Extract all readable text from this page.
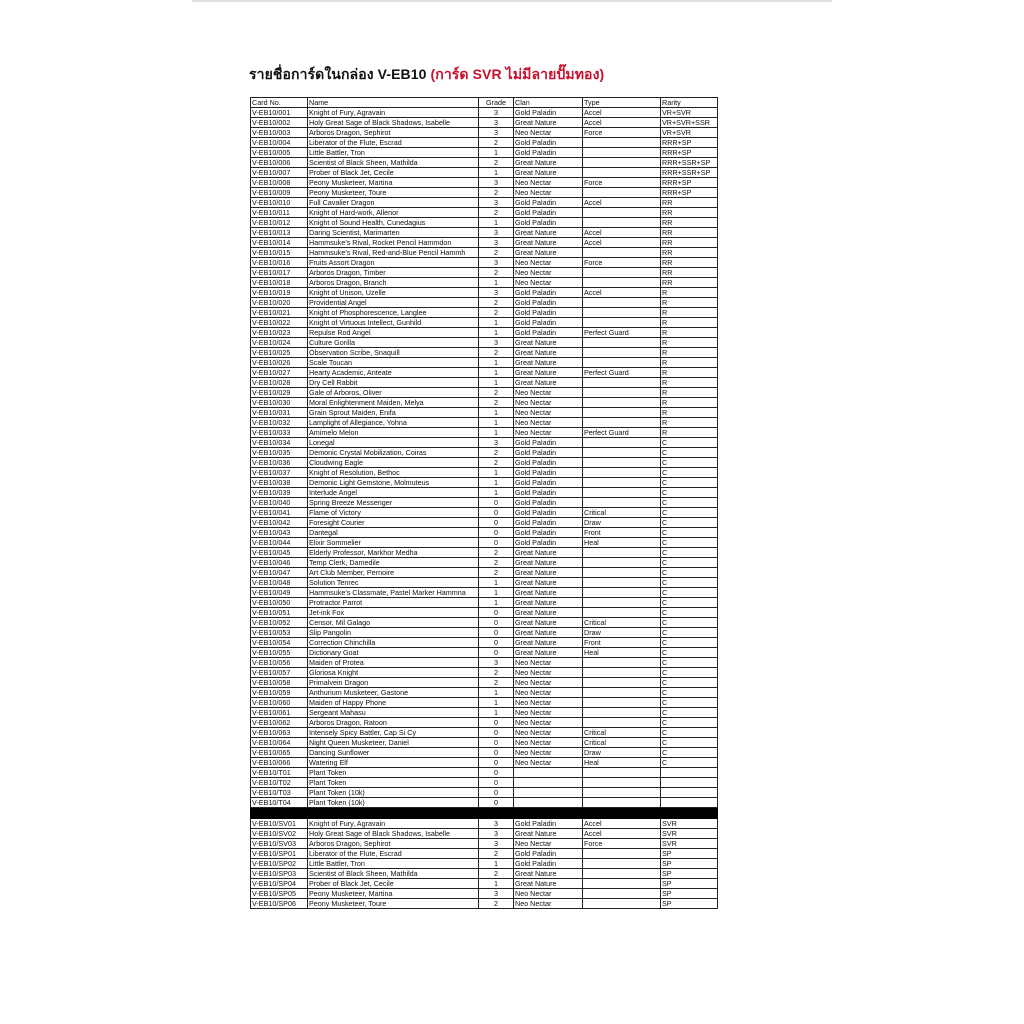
รายชื่อการ์ดในกล่อง V-EB10 (การ์ด SVR ไม่มีลายปั๊มทอง)
Card No.	Name	Grade	Clan	Type	Rarity
V-EB10/001	Knight of Fury, Agravain	3	Gold Paladin	Accel	VR+SVR
V-EB10/002	Holy Great Sage of Black Shadows, Isabelle	3	Great Nature	Accel	VR+SVR+SSR
V-EB10/003	Arboros Dragon, Sephirot	3	Neo Nectar	Force	VR+SVR
V-EB10/004	Liberator of the Flute, Escrad	2	Gold Paladin		RRR+SP
V-EB10/005	Little Battler, Tron	1	Gold Paladin		RRR+SP
V-EB10/006	Scientist of Black Sheen, Mathilda	2	Great Nature		RRR+SSR+SP
V-EB10/007	Prober of Black Jet, Cecile	1	Great Nature		RRR+SSR+SP
V-EB10/008	Peony Musketeer, Martina	3	Neo Nectar	Force	RRR+SP
V-EB10/009	Peony Musketeer, Toure	2	Neo Nectar		RRR+SP
V-EB10/010	Full Cavalier Dragon	3	Gold Paladin	Accel	RR
V-EB10/011	Knight of Hard-work, Allenor	2	Gold Paladin		RR
V-EB10/012	Knight of Sound Health, Cunedagius	1	Gold Paladin		RR
V-EB10/013	Daring Scientist, Marimarten	3	Great Nature	Accel	RR
V-EB10/014	Hammsuke's Rival, Rocket Pencil Hammdon	3	Great Nature	Accel	RR
V-EB10/015	Hammsuke's Rival, Red-and-Blue Pencil Hammh	2	Great Nature		RR
V-EB10/016	Fruits Assort Dragon	3	Neo Nectar	Force	RR
V-EB10/017	Arboros Dragon, Timber	2	Neo Nectar		RR
V-EB10/018	Arboros Dragon, Branch	1	Neo Nectar		RR
V-EB10/019	Knight of Unison, Uzelle	3	Gold Paladin	Accel	R
V-EB10/020	Providential Angel	2	Gold Paladin		R
V-EB10/021	Knight of Phosphorescence, Langlee	2	Gold Paladin		R
V-EB10/022	Knight of Virtuous Intellect, Gunhild	1	Gold Paladin		R
V-EB10/023	Repulse Rod Angel	1	Gold Paladin	Perfect Guard	R
V-EB10/024	Culture Gorilla	3	Great Nature		R
V-EB10/025	Observation Scribe, Snaquill	2	Great Nature		R
V-EB10/026	Scale Toucan	1	Great Nature		R
V-EB10/027	Hearty Academic, Anteate	1	Great Nature	Perfect Guard	R
V-EB10/028	Dry Cell Rabbit	1	Great Nature		R
V-EB10/029	Gale of Arboros, Oliver	2	Neo Nectar		R
V-EB10/030	Moral Enlightenment Maiden, Melya	2	Neo Nectar		R
V-EB10/031	Grain Sprout Maiden, Enifa	1	Neo Nectar		R
V-EB10/032	Lamplight of Allegiance, Yohna	1	Neo Nectar		R
V-EB10/033	Amimelo Melon	1	Neo Nectar	Perfect Guard	R
V-EB10/034	Lonegal	3	Gold Paladin		C
V-EB10/035	Demonic Crystal Mobilization, Coiras	2	Gold Paladin		C
V-EB10/036	Cloudwing Eagle	2	Gold Paladin		C
V-EB10/037	Knight of Resolution, Bethoc	1	Gold Paladin		C
V-EB10/038	Demonic Light Gemstone, Molmuteus	1	Gold Paladin		C
V-EB10/039	Interlude Angel	1	Gold Paladin		C
V-EB10/040	Spring Breeze Messenger	0	Gold Paladin		C
V-EB10/041	Flame of Victory	0	Gold Paladin	Critical	C
V-EB10/042	Foresight Courier	0	Gold Paladin	Draw	C
V-EB10/043	Dantegal	0	Gold Paladin	Front	C
V-EB10/044	Elixir Sommelier	0	Gold Paladin	Heal	C
V-EB10/045	Elderly Professor, Markhor Medha	2	Great Nature		C
V-EB10/046	Temp Clerk, Damedile	2	Great Nature		C
V-EB10/047	Art Club Member, Pernoire	2	Great Nature		C
V-EB10/048	Solution Tenrec	1	Great Nature		C
V-EB10/049	Hammsuke's Classmate, Pastel Marker Hammna	1	Great Nature		C
V-EB10/050	Protractor Parrot	1	Great Nature		C
V-EB10/051	Jet-ink Fox	0	Great Nature		C
V-EB10/052	Censor, Mil Galago	0	Great Nature	Critical	C
V-EB10/053	Slip Pangolin	0	Great Nature	Draw	C
V-EB10/054	Correction Chinchilla	0	Great Nature	Front	C
V-EB10/055	Dictionary Goat	0	Great Nature	Heal	C
V-EB10/056	Maiden of Protea	3	Neo Nectar		C
V-EB10/057	Gloriosa Knight	2	Neo Nectar		C
V-EB10/058	Primalvein Dragon	2	Neo Nectar		C
V-EB10/059	Anthurium Musketeer, Gastone	1	Neo Nectar		C
V-EB10/060	Maiden of Happy Phone	1	Neo Nectar		C
V-EB10/061	Sergeant Mahasu	1	Neo Nectar		C
V-EB10/062	Arboros Dragon, Ratoon	0	Neo Nectar		C
V-EB10/063	Intensely Spicy Battler, Cap Si Cy	0	Neo Nectar	Critical	C
V-EB10/064	Night Queen Musketeer, Daniel	0	Neo Nectar	Critical	C
V-EB10/065	Dancing Sunflower	0	Neo Nectar	Draw	C
V-EB10/066	Watering Elf	0	Neo Nectar	Heal	C
V-EB10/T01	Plant Token	0			
V-EB10/T02	Plant Token	0			
V-EB10/T03	Plant Token (10k)	0			
V-EB10/T04	Plant Token (10k)	0			

V-EB10/SV01	Knight of Fury, Agravain	3	Gold Paladin	Accel	SVR
V-EB10/SV02	Holy Great Sage of Black Shadows, Isabelle	3	Great Nature	Accel	SVR
V-EB10/SV03	Arboros Dragon, Sephirot	3	Neo Nectar	Force	SVR
V-EB10/SP01	Liberator of the Flute, Escrad	2	Gold Paladin		SP
V-EB10/SP02	Little Battler, Tron	1	Gold Paladin		SP
V-EB10/SP03	Scientist of Black Sheen, Mathilda	2	Great Nature		SP
V-EB10/SP04	Prober of Black Jet, Cecile	1	Great Nature		SP
V-EB10/SP05	Peony Musketeer, Martina	3	Neo Nectar		SP
V-EB10/SP06	Peony Musketeer, Toure	2	Neo Nectar		SP
